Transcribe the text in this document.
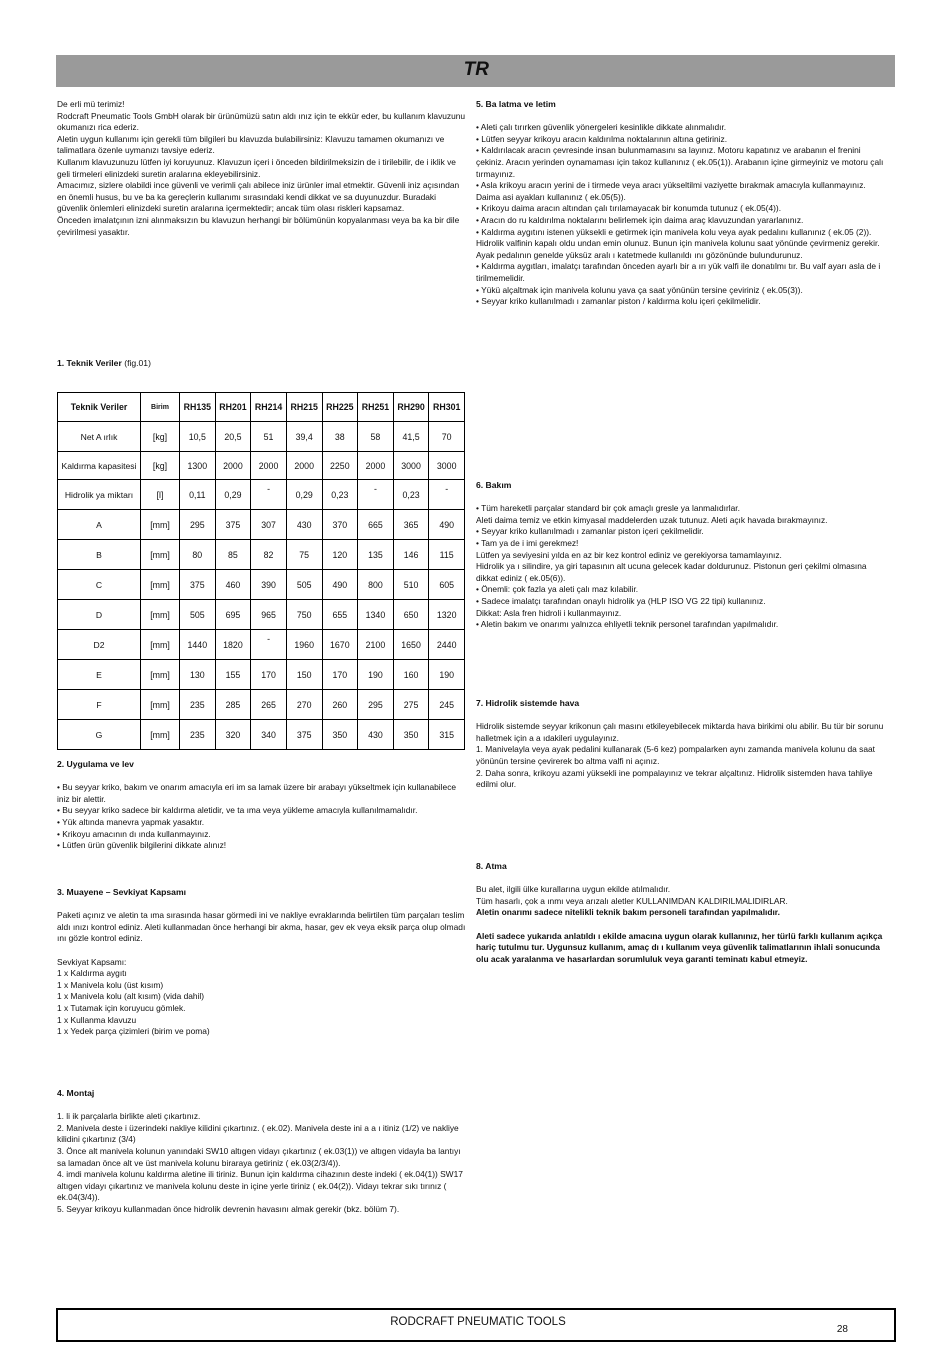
TR

De erli mü terimiz!

Rodcraft Pneumatic Tools GmbH olarak bir ürünümüzü satın aldı ınız için te ekkür eder, bu kullanım klavuzunu okumanızı rica ederiz.

Aletin uygun kullanımı için gerekli tüm bilgileri bu klavuzda bulabilirsiniz: Klavuzu tamamen okumanızı ve talimatlara özenle uymanızı tavsiye ederiz.

Kullanım klavuzunuzu lütfen iyi koruyunuz. Klavuzun içeri i önceden bildirilmeksizin de i tirilebilir, de i iklik ve geli tirmeleri elinizdeki suretin aralarına ekleyebilirsiniz.

Amacımız, sizlere olabildi ince güvenli ve verimli çalı abilece iniz ürünler imal etmektir. Güvenli iniz açısından en önemli husus, bu ve ba ka gereçlerin kullanımı sırasındaki kendi dikkat ve sa duyunuzdur. Buradaki güvenlik önlemleri elinizdeki suretin aralarına içermektedir; ancak tüm olası riskleri kapsamaz.

Önceden imalatçının izni alınmaksızın bu klavuzun herhangi bir bölümünün kopyalanması veya ba ka bir dile çevirilmesi yasaktır.

1. Teknik Veriler (fig.01)

Teknik Veriler	Birim	RH135	RH201	RH214	RH215	RH225	RH251	RH290	RH301
Net A ırlık	[kg]	10,5	20,5	51	39,4	38	58	41,5	70
Kaldırma kapasitesi	[kg]	1300	2000	2000	2000	2250	2000	3000	3000
Hidrolik ya miktarı	[l]	0,11	0,29	-	0,29	0,23	-	0,23	-
A	[mm]	295	375	307	430	370	665	365	490
B	[mm]	80	85	82	75	120	135	146	115
C	[mm]	375	460	390	505	490	800	510	605
D	[mm]	505	695	965	750	655	1340	650	1320
D2	[mm]	1440	1820	-	1960	1670	2100	1650	2440
E	[mm]	130	155	170	150	170	190	160	190
F	[mm]	235	285	265	270	260	295	275	245
G	[mm]	235	320	340	375	350	430	350	315

2. Uygulama ve lev

• Bu seyyar kriko, bakım ve onarım amacıyla eri im sa lamak üzere bir arabayı yükseltmek için kullanabilece iniz bir alettir.

• Bu seyyar kriko sadece bir kaldırma aletidir, ve ta ıma veya yükleme amacıyla kullanılmamalıdır.

• Yük altında manevra yapmak yasaktır.

• Krikoyu amacının dı ında kullanmayınız.

• Lütfen ürün güvenlik bilgilerini dikkate alınız!

3. Muayene – Sevkiyat Kapsamı

Paketi açınız ve aletin ta ıma sırasında hasar görmedi ini ve nakliye evraklarında belirtilen tüm parçaları teslim aldı ınızı kontrol ediniz. Aleti kullanmadan önce herhangi bir akma, hasar, gev ek veya eksik parça olup olmadı ını gözle kontrol ediniz.

Sevkiyat Kapsamı:

1 x Kaldırma aygıtı

1 x Manivela kolu (üst kısım)

1 x Manivela kolu (alt kısım) (vida dahil)

1 x Tutamak için koruyucu gömlek.

1 x Kullanma klavuzu

1 x Yedek parça çizimleri (birim ve poma)

4. Montaj

1. li ik parçalarla birlikte aleti çıkartınız.

2. Manivela deste i üzerindeki nakliye kilidini çıkartınız. ( ek.02). Manivela deste ini a a ı itiniz (1/2) ve nakliye kilidini çıkartınız (3/4)

3. Önce alt manivela kolunun yanındaki SW10 altıgen vidayı çıkartınız ( ek.03(1)) ve altıgen vidayla ba lantıyı sa lamadan önce alt ve üst manivela kolunu biraraya getiriniz ( ek.03(2/3/4)).

4. imdi manivela kolunu kaldırma aletine ili tiriniz. Bunun için kaldırma cihazının deste indeki ( ek.04(1)) SW17 altıgen vidayı çıkartınız ve manivela kolunu deste in içine yerle tiriniz ( ek.04(2)). Vidayı tekrar sıkı tırınız ( ek.04(3/4)).

5. Seyyar krikoyu kullanmadan önce hidrolik devrenin havasını almak gerekir (bkz. bölüm 7).

5. Ba latma ve letim

• Aleti çalı tırırken güvenlik yönergeleri kesinlikle dikkate alınmalıdır.

• Lütfen seyyar krikoyu aracın kaldırılma noktalarının altına getiriniz.

• Kaldırılacak aracın çevresinde insan bulunmamasını sa layınız. Motoru kapatınız ve arabanın el frenini çekiniz. Aracın yerinden oynamaması için takoz kullanınız ( ek.05(1)). Arabanın içine girmeyiniz ve motoru çalı tırmayınız.

• Asla krikoyu aracın yerini de i tirmede veya aracı yükseltilmi vaziyette bırakmak amacıyla kullanmayınız. Daima asi ayakları kullanınız ( ek.05(5)).

• Krikoyu daima aracın altından çalı tırılamayacak bir konumda tutunuz ( ek.05(4)).

• Aracın do ru kaldırılma noktalarını belirlemek için daima araç klavuzundan yararlanınız.

• Kaldırma aygıtını istenen yüksekli e getirmek için manivela kolu veya ayak pedalını kullanınız ( ek.05 (2)). Hidrolik valfinin kapalı oldu undan emin olunuz. Bunun için manivela kolunu saat yönünde çevirmeniz gerekir.

Ayak pedalının genelde yüksüz aralı ı katetmede kullanıldı ını gözönünde bulundurunuz.

• Kaldırma aygıtları, imalatçı tarafından önceden ayarlı bir a ırı yük valfi ile donatılmı tır. Bu valf ayarı asla de i tirilmemelidir.

• Yükü alçaltmak için manivela kolunu yava ça saat yönünün tersine çeviriniz ( ek.05(3)).

• Seyyar kriko kullanılmadı ı zamanlar piston / kaldırma kolu içeri çekilmelidir.

6. Bakım

• Tüm hareketli parçalar standard bir çok amaçlı gresle ya lanmalıdırlar.

Aleti daima temiz ve etkin kimyasal maddelerden uzak tutunuz. Aleti açık havada bırakmayınız.

• Seyyar kriko kullanılmadı ı zamanlar piston içeri çekilmelidir.

• Tam ya de i imi gerekmez!

Lütfen ya seviyesini yılda en az bir kez kontrol ediniz ve gerekiyorsa tamamlayınız.

Hidrolik ya ı silindire, ya giri tapasının alt ucuna gelecek kadar doldurunuz. Pistonun geri çekilmi olmasına dikkat ediniz ( ek.05(6)).

• Önemli: çok fazla ya aleti çalı maz kılabilir.

• Sadece imalatçı tarafından onaylı hidrolik ya (HLP ISO VG 22 tipi) kullanınız.

Dikkat: Asla fren hidroli i kullanmayınız.

• Aletin bakım ve onarımı yalnızca ehliyetli teknik personel tarafından yapılmalıdır.

7. Hidrolik sistemde hava

Hidrolik sistemde seyyar krikonun çalı masını etkileyebilecek miktarda hava birikimi olu abilir. Bu tür bir sorunu halletmek için a a ıdakileri uygulayınız.

1. Manivelayla veya ayak pedalini kullanarak (5-6 kez) pompalarken aynı zamanda manivela kolunu da saat yönünün tersine çevirerek bo altma valfi ni açınız.

2. Daha sonra, krikoyu azami yüksekli ine pompalayınız ve tekrar alçaltınız. Hidrolik sistemden hava tahliye edilmi olur.

8. Atma

Bu alet, ilgili ülke kurallarına uygun ekilde atılmalıdır.

Tüm hasarlı, çok a ınmı veya arızalı aletler KULLANIMDAN KALDIRILMALIDIRLAR.

Aletin onarımı sadece nitelikli teknik bakım personeli tarafından yapılmalıdır.

Aleti sadece yukarıda anlatıldı ı ekilde amacına uygun olarak kullanınız, her türlü farklı kullanım açıkça hariç tutulmu tur. Uygunsuz kullanım, amaç dı ı kullanım veya güvenlik talimatlarının ihlali sonucunda olu acak yaralanma ve hasarlardan sorumluluk veya garanti teminatı kabul etmeyiz.

RODCRAFT PNEUMATIC TOOLS
28
